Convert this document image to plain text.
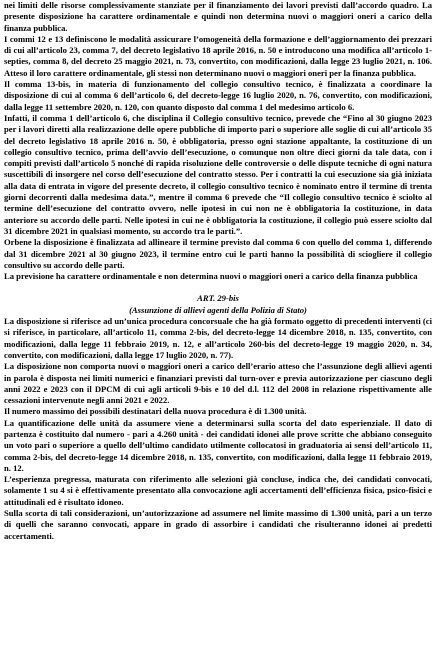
nei limiti delle risorse complessivamente stanziate per il finanziamento dei lavori previsti dall’accordo quadro. La presente disposizione ha carattere ordinamentale e quindi non determina nuovi o maggiori oneri a carico della finanza pubblica.

I commi 12 e 13 definiscono le modalità assicurare l’omogeneità della formazione e dell’aggiornamento dei prezzari di cui all’articolo 23, comma 7, del decreto legislativo 18 aprile 2016, n. 50 e introducono una modifica all’articolo 1-septies, comma 8, del decreto 25 maggio 2021, n. 73, convertito, con modificazioni, dalla legge 23 luglio 2021, n. 106. Atteso il loro carattere ordinamentale, gli stessi non determinano nuovi o maggiori oneri per la finanza pubblica.

Il comma 13-bis, in materia di funzionamento del collegio consultivo tecnico, è finalizzata a coordinare la disposizione di cui al comma 6 dell’articolo 6, del decreto-legge 16 luglio 2020, n. 76, convertito, con modificazioni, dalla legge 11 settembre 2020, n. 120, con quanto disposto dal comma 1 del medesimo articolo 6.

Infatti, il comma 1 dell’articolo 6, che disciplina il Collegio consultivo tecnico, prevede che “Fino al 30 giugno 2023 per i lavori diretti alla realizzazione delle opere pubbliche di importo pari o superiore alle soglie di cui all’articolo 35 del decreto legislativo 18 aprile 2016 n. 50, è obbligatoria, presso ogni stazione appaltante, la costituzione di un collegio consultivo tecnico, prima dell’avvio dell’esecuzione, o comunque non oltre dieci giorni da tale data, con i compiti previsti dall’articolo 5 nonché di rapida risoluzione delle controversie o delle dispute tecniche di ogni natura suscettibili di insorgere nel corso dell’esecuzione del contratto stesso. Per i contratti la cui esecuzione sia già iniziata alla data di entrata in vigore del presente decreto, il collegio consultivo tecnico è nominato entro il termine di trenta giorni decorrenti dalla medesima data.”, mentre il comma 6 prevede che “Il collegio consultivo tecnico è sciolto al termine dell’esecuzione del contratto ovvero, nelle ipotesi in cui non ne è obbligatoria la costituzione, in data anteriore su accordo delle parti. Nelle ipotesi in cui ne è obbligatoria la costituzione, il collegio può essere sciolto dal 31 dicembre 2021 in qualsiasi momento, su accordo tra le parti.”.

Orbene la disposizione è finalizzata ad allineare il termine previsto dal comma 6 con quello del comma 1, differendo dal 31 dicembre 2021 al 30 giugno 2023, il termine entro cui le parti hanno la possibilità di sciogliere il collegio consultivo su accordo delle parti.

La previsione ha carattere ordinamentale e non determina nuovi o maggiori oneri a carico della finanza pubblica

ART. 29-bis

(Assunzione di allievi agenti della Polizia di Stato)

La disposizione si riferisce ad un’unica procedura concorsuale che ha già formato oggetto di precedenti interventi (ci si riferisce, in particolare, all’articolo 11, comma 2-bis, del decreto-legge 14 dicembre 2018, n. 135, convertito, con modificazioni, dalla legge 11 febbraio 2019, n. 12, e all’articolo 260-bis del decreto-legge 19 maggio 2020, n. 34, convertito, con modificazioni, dalla legge 17 luglio 2020, n. 77).

La disposizione non comporta nuovi o maggiori oneri a carico dell’erario atteso che l’assunzione degli allievi agenti in parola è disposta nei limiti numerici e finanziari previsti dal turn-over e previa autorizzazione per ciascuno degli anni 2022 e 2023 con il DPCM di cui agli articoli 9-bis e 10 del d.l. 112 del 2008 in relazione rispettivamente alle cessazioni intervenute negli anni 2021 e 2022.

Il numero massimo dei possibili destinatari della nuova procedura è di 1.300 unità.

La quantificazione delle unità da assumere viene a determinarsi sulla scorta del dato esperienziale. Il dato di partenza è costituito dal numero - pari a 4.260 unità - dei candidati idonei alle prove scritte che abbiano conseguito un voto pari o superiore a quello dell’ultimo candidato utilmente collocatosi in graduatoria ai sensi dell’articolo 11, comma 2-bis, del decreto-legge 14 dicembre 2018, n. 135, convertito, con modificazioni, dalla legge 11 febbraio 2019, n. 12.

L’esperienza pregressa, maturata con riferimento alle selezioni già concluse, indica che, dei candidati convocati, solamente 1 su 4 si è effettivamente presentato alla convocazione agli accertamenti dell’efficienza fisica, psico-fisici e attitudinali ed è risultato idoneo.

Sulla scorta di tali considerazioni, un’autorizzazione ad assumere nel limite massimo di 1.300 unità, pari a un terzo di quelli che saranno convocati, appare in grado di assorbire i candidati che risulteranno idonei ai predetti accertamenti.
